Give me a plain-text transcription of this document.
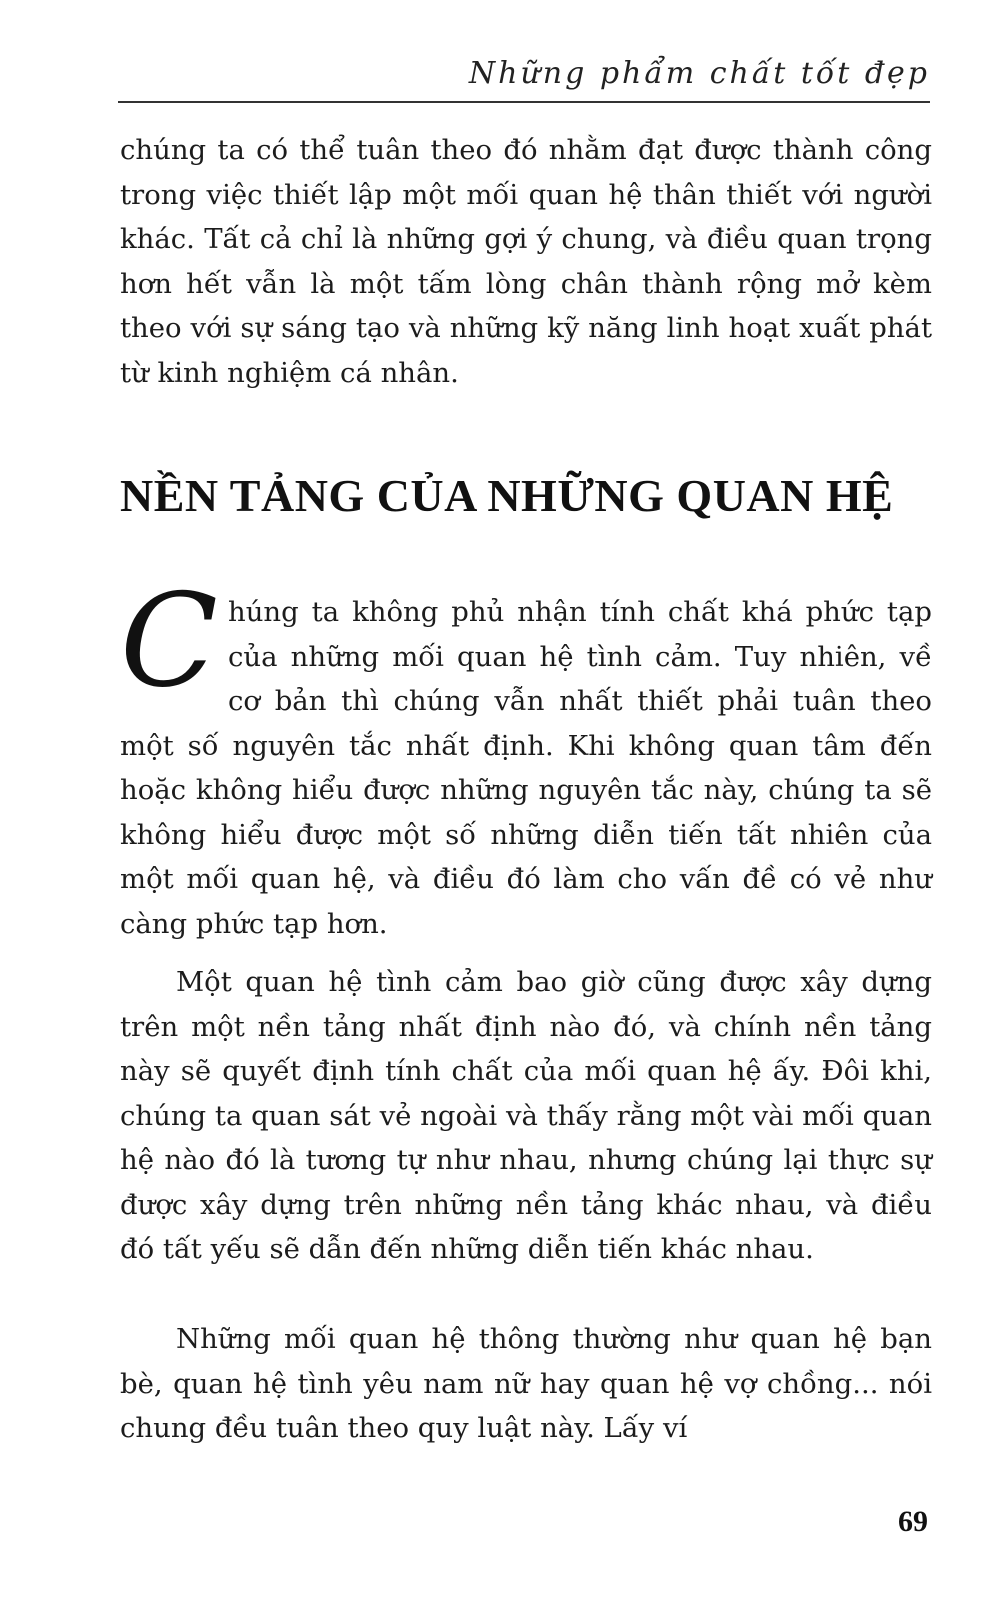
Những phẩm chất tốt đẹp

chúng ta có thể tuân theo đó nhằm đạt được thành công trong việc thiết lập một mối quan hệ thân thiết với người khác. Tất cả chỉ là những gợi ý chung, và điều quan trọng hơn hết vẫn là một tấm lòng chân thành rộng mở kèm theo với sự sáng tạo và những kỹ năng linh hoạt xuất phát từ kinh nghiệm cá nhân.

NỀN TẢNG CỦA NHỮNG QUAN HỆ

Chúng ta không phủ nhận tính chất khá phức tạp của những mối quan hệ tình cảm. Tuy nhiên, về cơ bản thì chúng vẫn nhất thiết phải tuân theo một số nguyên tắc nhất định. Khi không quan tâm đến hoặc không hiểu được những nguyên tắc này, chúng ta sẽ không hiểu được một số những diễn tiến tất nhiên của một mối quan hệ, và điều đó làm cho vấn đề có vẻ như càng phức tạp hơn.

Một quan hệ tình cảm bao giờ cũng được xây dựng trên một nền tảng nhất định nào đó, và chính nền tảng này sẽ quyết định tính chất của mối quan hệ ấy. Đôi khi, chúng ta quan sát vẻ ngoài và thấy rằng một vài mối quan hệ nào đó là tương tự như nhau, nhưng chúng lại thực sự được xây dựng trên những nền tảng khác nhau, và điều đó tất yếu sẽ dẫn đến những diễn tiến khác nhau.

Những mối quan hệ thông thường như quan hệ bạn bè, quan hệ tình yêu nam nữ hay quan hệ vợ chồng... nói chung đều tuân theo quy luật này. Lấy ví

69
